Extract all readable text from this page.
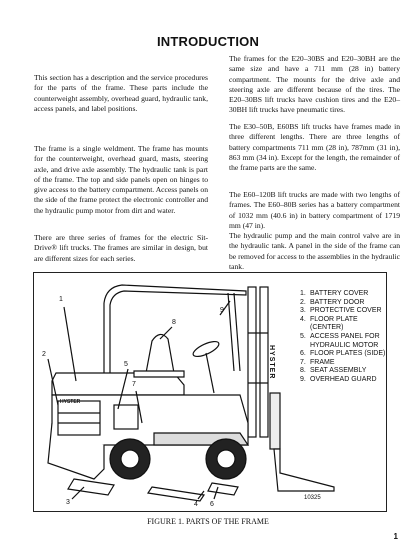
INTRODUCTION
This section has a description and the service procedures for the parts of the frame. These parts include the counterweight assembly, overhead guard, hydraulic tank, access panels, and label positions.
The frame is a single weldment. The frame has mounts for the counterweight, overhead guard, masts, steering axle, and drive axle assembly. The hydraulic tank is part of the frame. The top and side panels open on hinges to give access to the battery compartment. Access panels on the side of the frame protect the electronic controller and the hydraulic pump motor from dirt and water.
There are three series of frames for the electric Sit-Drive® lift trucks. The frames are similar in design, but are different sizes for each series.
The frames for the E20–30BS and E20–30BH are the same size and have a 711 mm (28 in) battery compartment. The mounts for the drive axle and steering axle are different because of the tires. The E20–30BS lift trucks have cushion tires and the E20–30BH lift trucks have pneumatic tires.
The E30–50B, E60BS lift trucks have frames made in three different lengths. There are three lengths of battery compartments 711 mm (28 in), 787mm (31 in), 863 mm (34 in). Except for the length, the remainder of the frame parts are the same.
The E60–120B lift trucks are made with two lengths of frames. The E60–80B series has a battery compartment of 1032 mm (40.6 in) in battery compartment of 1719 mm (47 in).
The hydraulic pump and the main control valve are in the hydraulic tank. A panel in the side of the frame can be removed for access to the assemblies in the hydraulic tank.
1
2
3	4
5
6
7
8
9
HYSTER
HYSTER
1. BATTERY COVER
2. BATTERY DOOR
3. PROTECTIVE COVER
4. FLOOR PLATE (CENTER)
5. ACCESS PANEL FOR HYDRAULIC MOTOR
6. FLOOR PLATES (SIDE)
7. FRAME
8. SEAT ASSEMBLY
9. OVERHEAD GUARD
10325
FIGURE 1. PARTS OF THE FRAME
1
